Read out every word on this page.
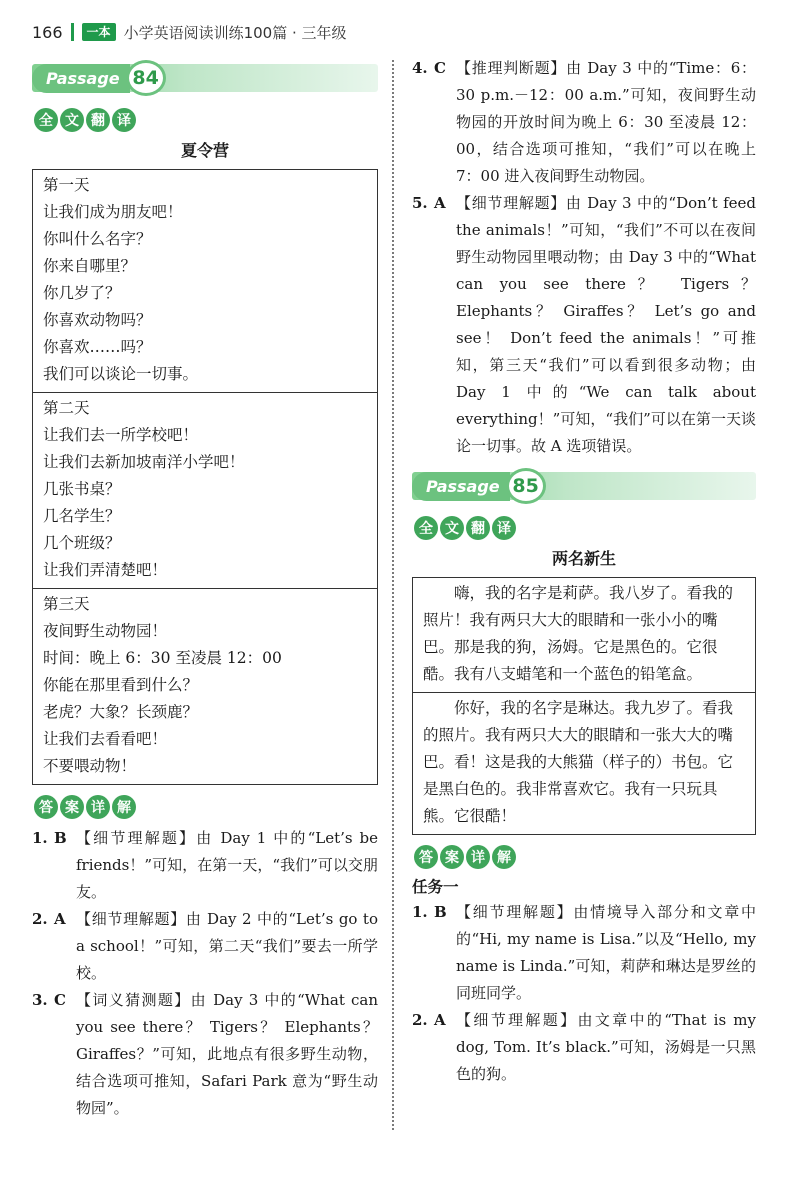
166	一本 小学英语阅读训练100篇 · 三年级
Passage 84
全 文 翻 译
夏令营
第一天
让我们成为朋友吧！
你叫什么名字？
你来自哪里？
你几岁了？
你喜欢动物吗？
你喜欢……吗？
我们可以谈论一切事。
第二天
让我们去一所学校吧！
让我们去新加坡南洋小学吧！
几张书桌？
几名学生？
几个班级？
让我们弄清楚吧！
第三天
夜间野生动物园！
时间：晚上 6：30 至凌晨 12：00
你能在那里看到什么？
老虎？大象？长颈鹿？
让我们去看看吧！
不要喂动物！
答 案 详 解
1. B 【细节理解题】由 Day 1 中的“Let’s be friends！”可知，在第一天，“我们”可以交朋友。
2. A 【细节理解题】由 Day 2 中的“Let’s go to a school！”可知，第二天“我们”要去一所学校。
3. C 【词义猜测题】由 Day 3 中的“What can you see there？ Tigers？ Elephants？ Giraffes？”可知，此地点有很多野生动物，结合选项可推知，Safari Park 意为“野生动物园”。
4. C 【推理判断题】由 Day 3 中的“Time：6：30 p.m.－12：00 a.m.”可知，夜间野生动物园的开放时间为晚上 6：30 至凌晨 12：00，结合选项可推知，“我们”可以在晚上 7：00 进入夜间野生动物园。
5. A 【细节理解题】由 Day 3 中的“Don’t feed the animals！”可知，“我们”不可以在夜间野生动物园里喂动物；由 Day 3 中的“What can you see there？ Tigers？ Elephants？ Giraffes？ Let’s go and see！ Don’t feed the animals！”可推知，第三天“我们”可以看到很多动物；由 Day 1 中的“We can talk about everything！”可知，“我们”可以在第一天谈论一切事。故 A 选项错误。
Passage 85
全 文 翻 译
两名新生
嗨，我的名字是莉萨。我八岁了。看我的照片！我有两只大大的眼睛和一张小小的嘴巴。那是我的狗，汤姆。它是黑色的。它很酷。我有八支蜡笔和一个蓝色的铅笔盒。
你好，我的名字是琳达。我九岁了。看我的照片。我有两只大大的眼睛和一张大大的嘴巴。看！这是我的大熊猫（样子的）书包。它是黑白色的。我非常喜欢它。我有一只玩具熊。它很酷！
答 案 详 解
任务一
1. B 【细节理解题】由情境导入部分和文章中的“Hi, my name is Lisa.”以及“Hello, my name is Linda.”可知，莉萨和琳达是罗丝的同班同学。
2. A 【细节理解题】由文章中的“That is my dog, Tom. It’s black.”可知，汤姆是一只黑色的狗。
